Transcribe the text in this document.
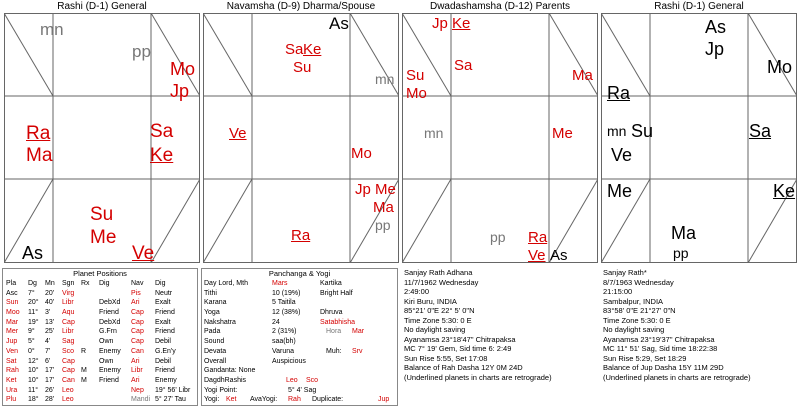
Rashi (D-1) General
mn
pp
Mo
Jp
Ra
Ma
Sa
Ke
Su
Me
As	Ve
Navamsha (D-9) Dharma/Spouse
As
Sa Ke
Su
mn
Ve
Mo
Jp Me
Ma
pp
Ra
Dwadashamsha (D-12) Parents
Jp Ke
Sa
Su
Mo
Ma
mn	Me
pp Ra
Ve As
Rashi (D-1) General
As
Jp
Mo
Ra
mn Su
Ve
Sa
Me	Ke
Ma
pp
Planet Positions
Pla Dg Mn Sgn Rx Dig	Nav Dig
Asc 7° 20' Virg	Pis Neutr
Sun 20° 40' Libr	DebXd Ari Exalt
Moo 11° 3' Aqu	Friend Cap Friend
Mar 19° 13' Cap	DebXd Cap Exalt
Mer 9° 25' Libr	G.Frn Cap Friend
Jup 5° 4' Sag	Own	Cap Debil
Ven 0° 7' Sco R Enemy Can G.En'y
Sat 12° 6' Cap	Own	Ari Debil
Rah 10° 17' Cap M Enemy Libr Friend
Ket 10° 17' Can M Friend Ari Enemy
Ura 11° 26' Leo	Nep 19° 56' Libr
Plu 18° 28' Leo	Mandi 5° 27' Tau
Panchanga & Yogi
Day Lord, Mth	Mars	Kartika
Tithi	10 (19%)	Bright Half
Karana	5 Taitila
Yoga	12 (38%)	Dhruva
Nakshatra	24	Satabhisha
Pada	2 (31%)
Sound	saa(bh)
Devata	Varuna
Overall	Auspicious
Gandanta: None
DagdhRashis	Leo Sco
Yogi Point:	5° 4' Sag
Yogi: Ket AvaYogi: Rah Duplicate:	Jup
Hora Mar
Muh: Srv
Sanjay Rath Adhana
11/7/1962 Wednesday
2:49:00
Kiri Buru, INDIA
85°21' 0"E 22° 5' 0"N
Time Zone 5:30: 0 E
No daylight saving
Ayanamsa 23°18'47" Chitrapaksa
MC 7° 19' Gem, Sid time 6: 2:49
Sun Rise 5:55, Set 17:08
Balance of Rah Dasha 12Y 0M 24D
(Underlined planets in charts are retrograde)
Sanjay Rath*
8/7/1963 Wednesday
21:15:00
Sambalpur, INDIA
83°58' 0"E 21°27' 0"N
Time Zone 5:30: 0 E
No daylight saving
Ayanamsa 23°19'37" Chitrapaksa
MC 11° 51' Sag, Sid time 18:22:38
Sun Rise 5:29, Set 18:29
Balance of Jup Dasha 15Y 11M 29D
(Underlined planets in charts are retrograde)
